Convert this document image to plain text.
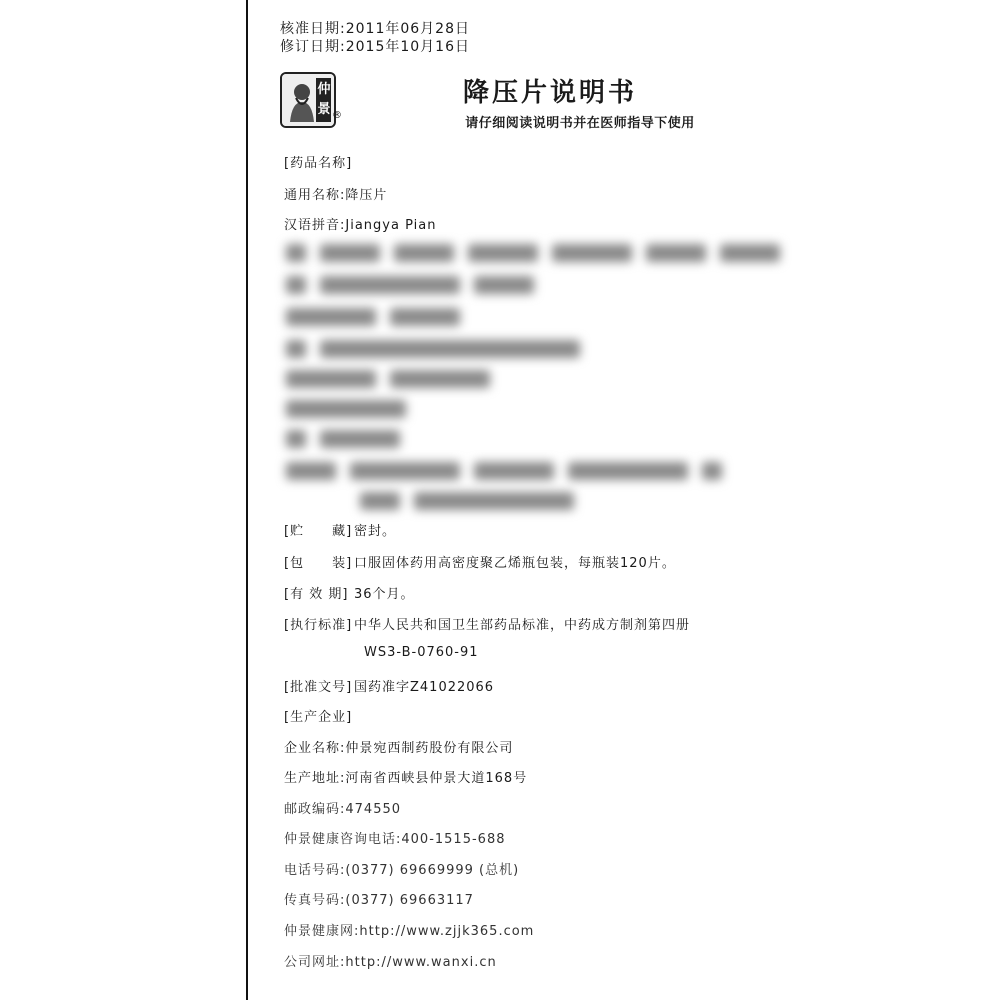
核准日期:2011年06月28日
修订日期:2015年10月16日
仲景 ®
降压片说明书
请仔细阅读说明书并在医师指导下使用
[药品名称]
通用名称:降压片
汉语拼音:Jiangya Pian
[贮　　藏] 密封。
[包　　装] 口服固体药用高密度聚乙烯瓶包装，每瓶装120片。
[有 效 期] 36个月。
[执行标准] 中华人民共和国卫生部药品标准，中药成方制剂第四册
WS3-B-0760-91
[批准文号] 国药准字Z41022066
[生产企业]
企业名称:仲景宛西制药股份有限公司
生产地址:河南省西峡县仲景大道168号
邮政编码:474550
仲景健康咨询电话:400-1515-688
电话号码:(0377) 69669999 (总机)
传真号码:(0377) 69663117
仲景健康网:http://www.zjjk365.com
公司网址:http://www.wanxi.cn
